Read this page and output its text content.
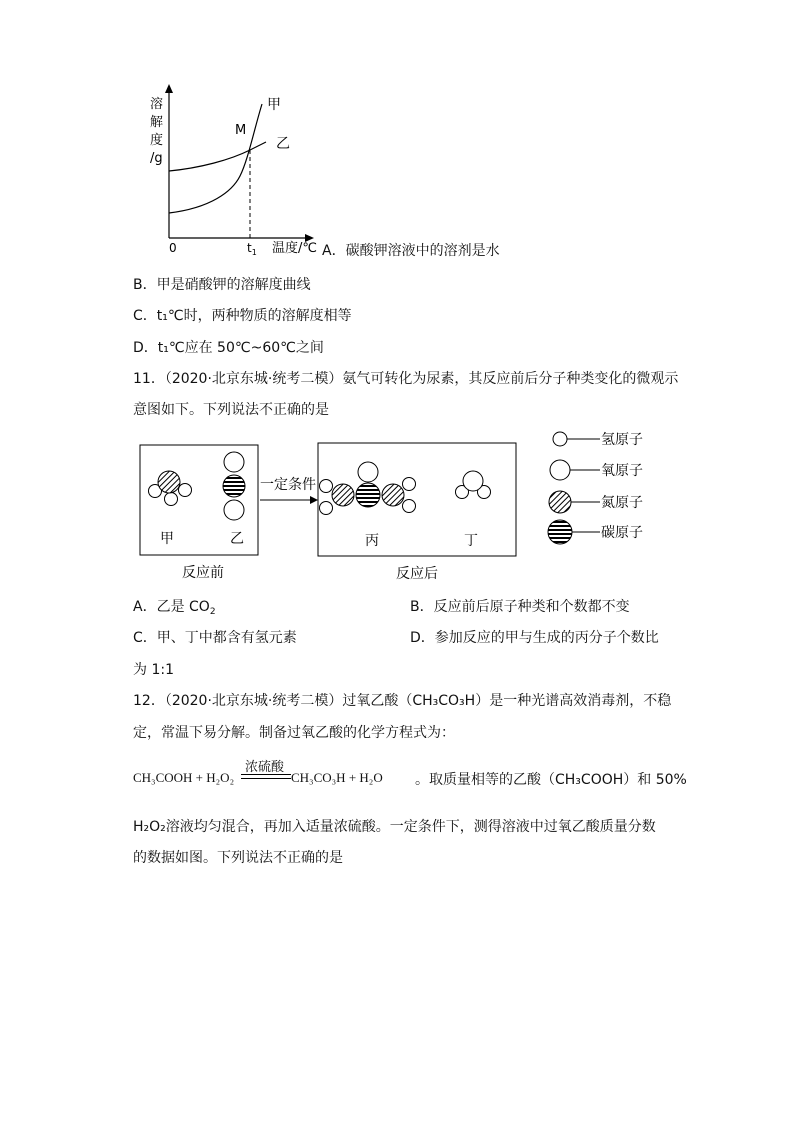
溶
解
度
/g
甲
乙
M
0	$t_1$ 温度/℃ A．碳酸钾溶液中的溶剂是水
B．甲是硝酸钾的溶解度曲线
C．t₁℃时，两种物质的溶解度相等
D．t₁℃应在 50℃~60℃之间
11．（2020·北京东城·统考二模）氨气可转化为尿素，其反应前后分子种类变化的微观示
意图如下。下列说法不正确的是
甲	乙
反应前
一定条件
丙	丁
反应后
氢原子
氧原子
氮原子
碳原子
A．乙是 $CO_2$	B．反应前后原子种类和个数都不变
C．甲、丁中都含有氢元素	D．参加反应的甲与生成的丙分子个数比
为 1:1
12．（2020·北京东城·统考二模）过氧乙酸（CH₃CO₃H）是一种光谱高效消毒剂，不稳
定，常温下易分解。制备过氧乙酸的化学方程式为：
CH₃COOH + H₂O₂
浓硫酸
CH₃CO₃H + H₂O 。取质量相等的乙酸（CH₃COOH）和 50%
H₂O₂溶液均匀混合，再加入适量浓硫酸。一定条件下，测得溶液中过氧乙酸质量分数
的数据如图。下列说法不正确的是
